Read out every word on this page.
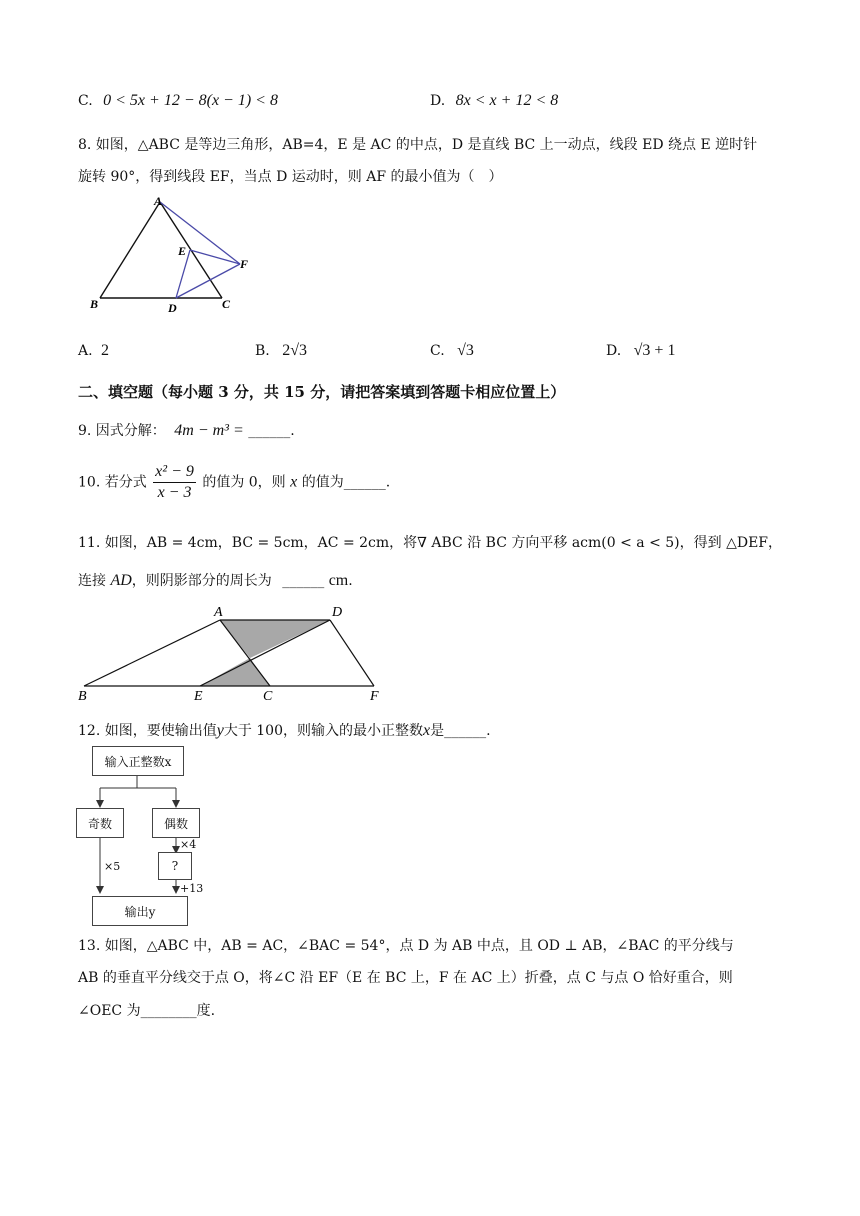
C. 0 < 5x + 12 − 8(x − 1) < 8	D. 8x < x + 12 < 8
8. 如图，△ABC 是等边三角形，AB=4，E 是 AC 的中点，D 是直线 BC 上一动点，线段 ED 绕点 E 逆时针
旋转 90°，得到线段 EF，当点 D 运动时，则 AF 的最小值为（　）
A
B	C
D
E
F
A. 2	B. 2√3	C. √3	D. √3 + 1
二、填空题（每小题 3 分，共 15 分，请把答案填到答题卡相应位置上）
9. 因式分解： 4m − m³ = ______.
10. 若分式 $\frac{\text{x² − 9}}{x - 3}$ 的值为 0，则 x 的值为______.
11. 如图，AB = 4cm，BC = 5cm，AC = 2cm，将∇ ABC 沿 BC 方向平移 acm(0 < a < 5)，得到 △DEF，
连接 AD，则阴影部分的周长为 ______ cm.
A	D
B	E	C	F
12. 如图，要使输出值y大于 100，则输入的最小正整数x是______.
输入正整数x
奇数	偶数
?
输出y
×5
×4
+13
13. 如图，△ABC 中，AB = AC，∠BAC = 54°，点 D 为 AB 中点，且 OD ⊥ AB，∠BAC 的平分线与
AB 的垂直平分线交于点 O，将∠C 沿 EF（E 在 BC 上，F 在 AC 上）折叠，点 C 与点 O 恰好重合，则
∠OEC 为________度.
